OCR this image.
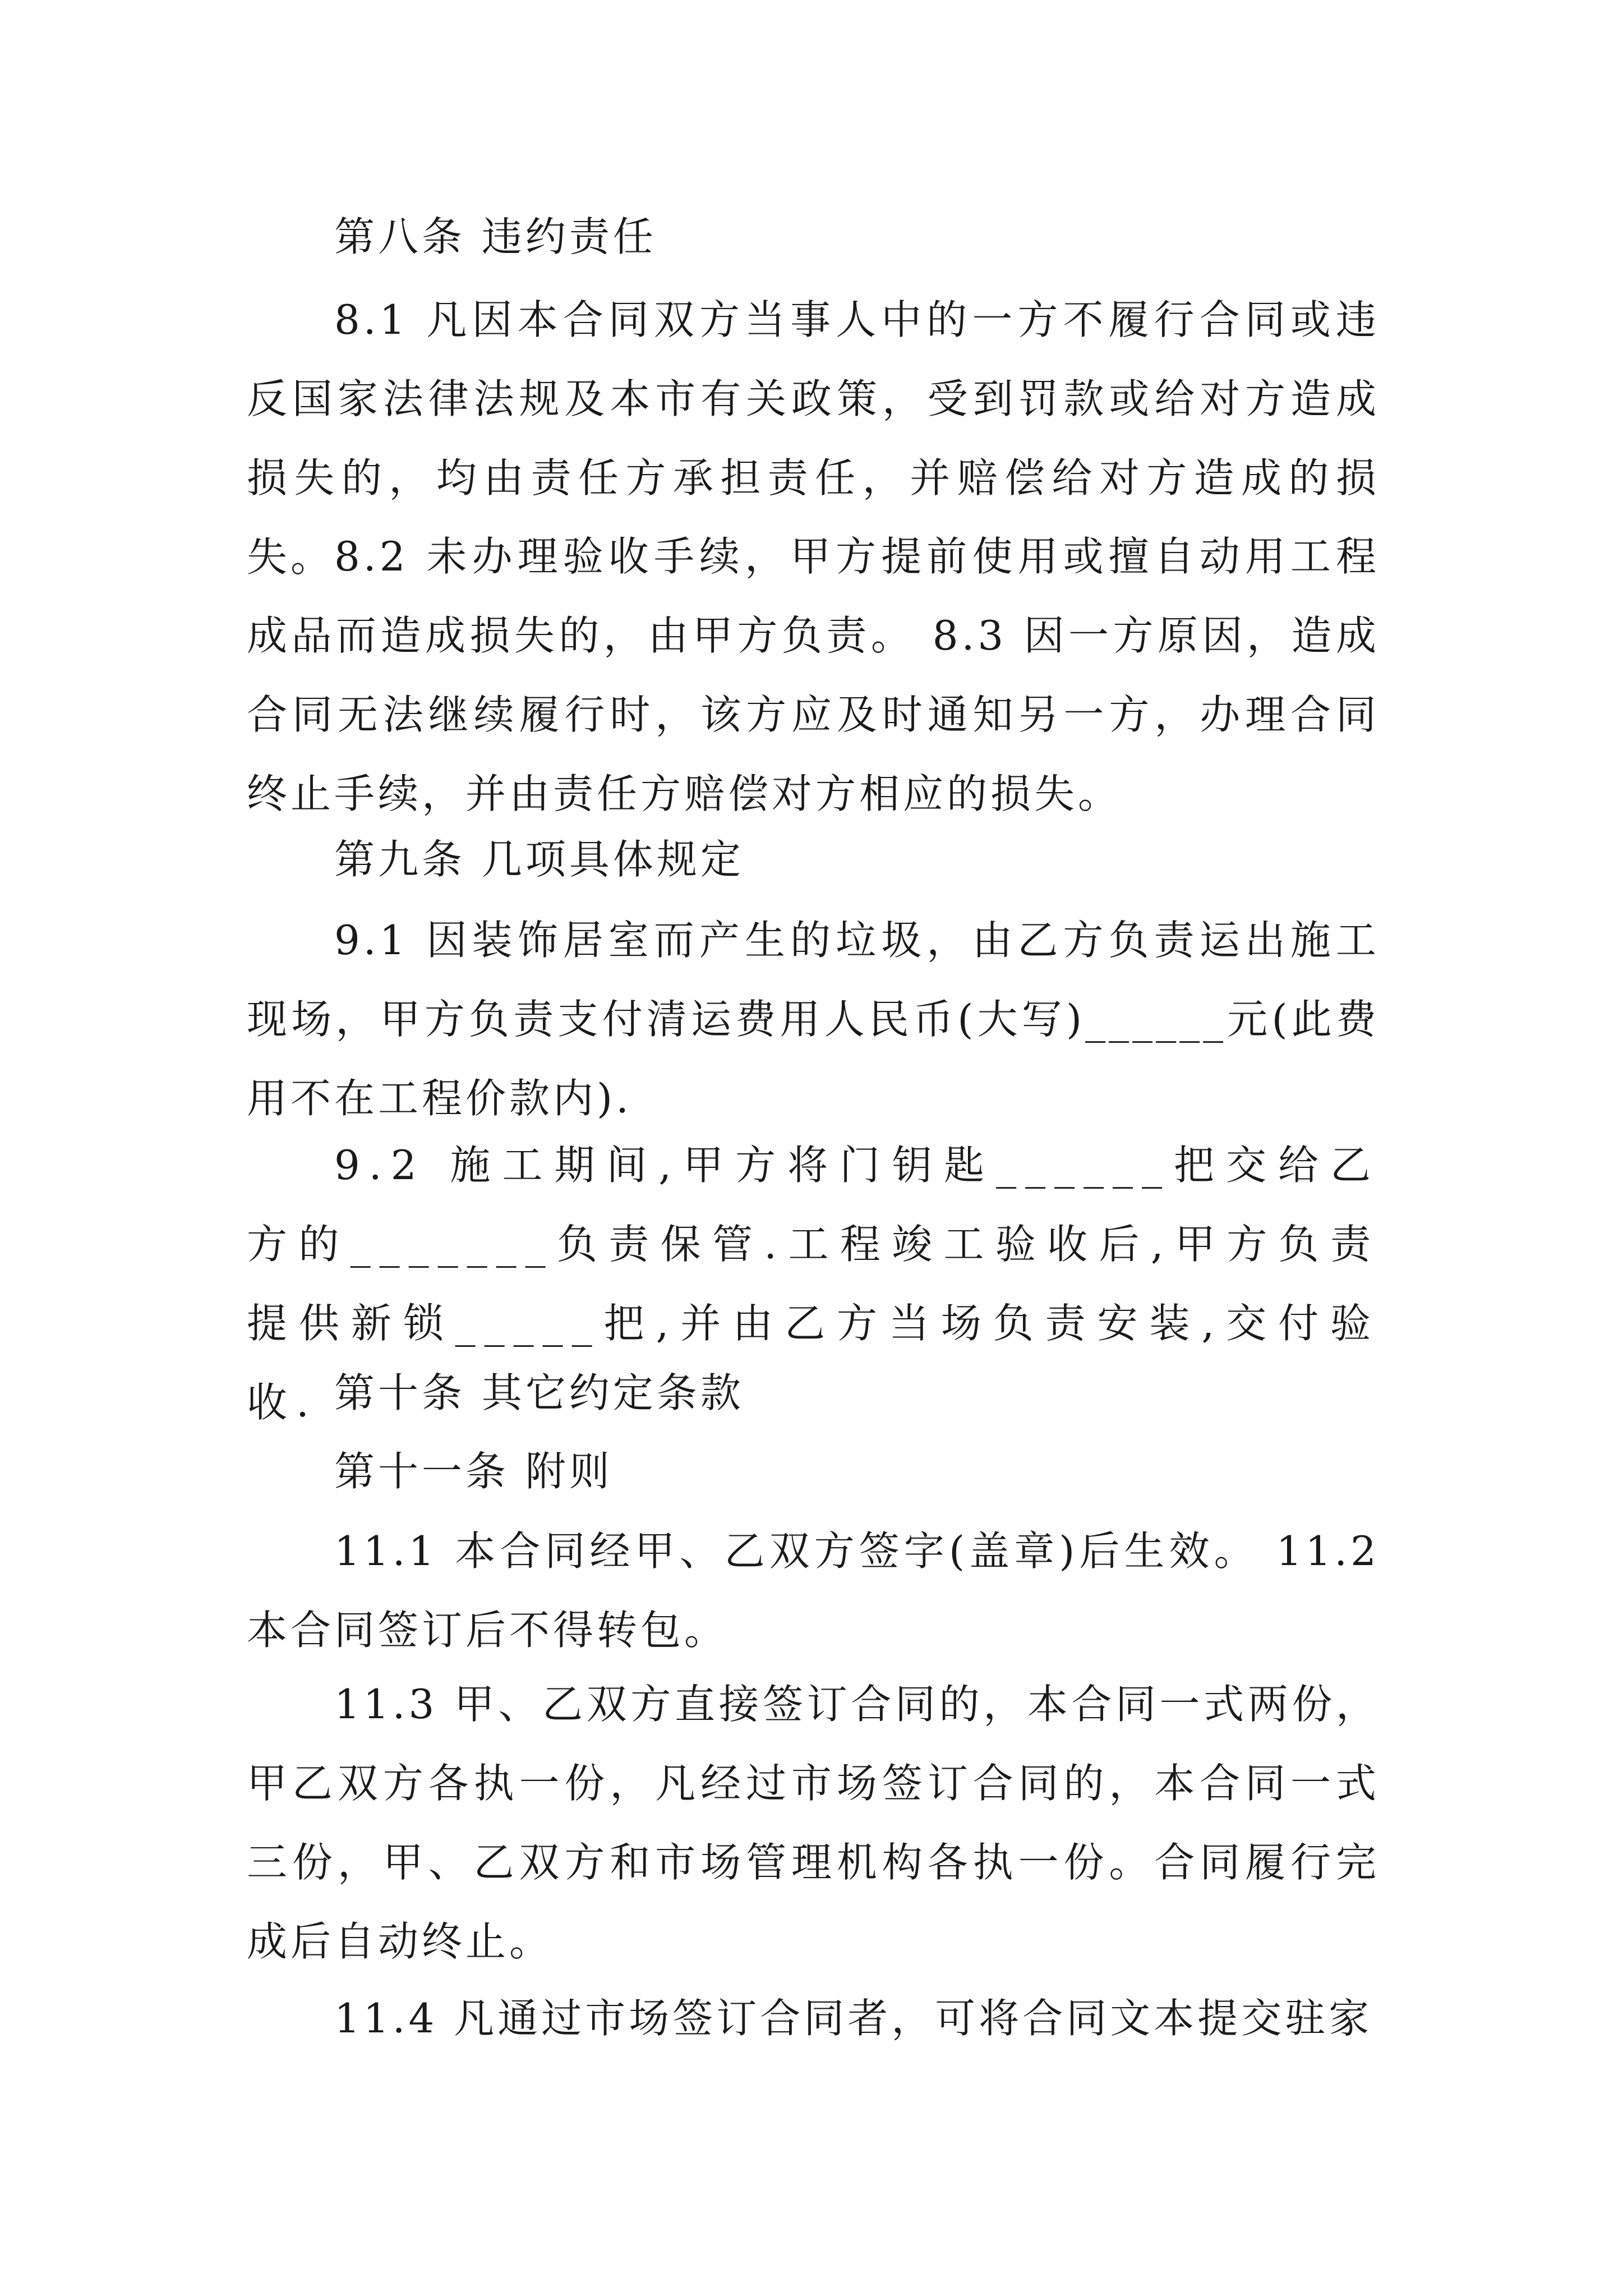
第八条 违约责任

8.1 凡因本合同双方当事人中的一方不履行合同或违反国家法律法规及本市有关政策，受到罚款或给对方造成损失的，均由责任方承担责任，并赔偿给对方造成的损失。 8.2 未办理验收手续，甲方提前使用或擅自动用工程成品而造成损失的，由甲方负责。 8.3 因一方原因，造成合同无法继续履行时，该方应及时通知另一方，办理合同终止手续，并由责任方赔偿对方相应的损失。

第九条 几项具体规定

9.1 因装饰居室而产生的垃圾，由乙方负责运出施工现场，甲方负责支付清运费用人民币(大写)______元(此费用不在工程价款内).

9.2 施工期间,甲方将门钥匙______把交给乙方的_______负责保管.工程竣工验收后,甲方负责提供新锁_____把,并由乙方当场负责安装,交付验收. 第十条 其它约定条款

第十一条 附则

11.1 本合同经甲、乙双方签字(盖章)后生效。 11.2 本合同签订后不得转包。

11.3 甲、乙双方直接签订合同的，本合同一式两份，甲乙双方各执一份，凡经过市场签订合同的，本合同一式三份，甲、乙双方和市场管理机构各执一份。合同履行完成后自动终止。

11.4 凡通过市场签订合同者，可将合同文本提交驻家
